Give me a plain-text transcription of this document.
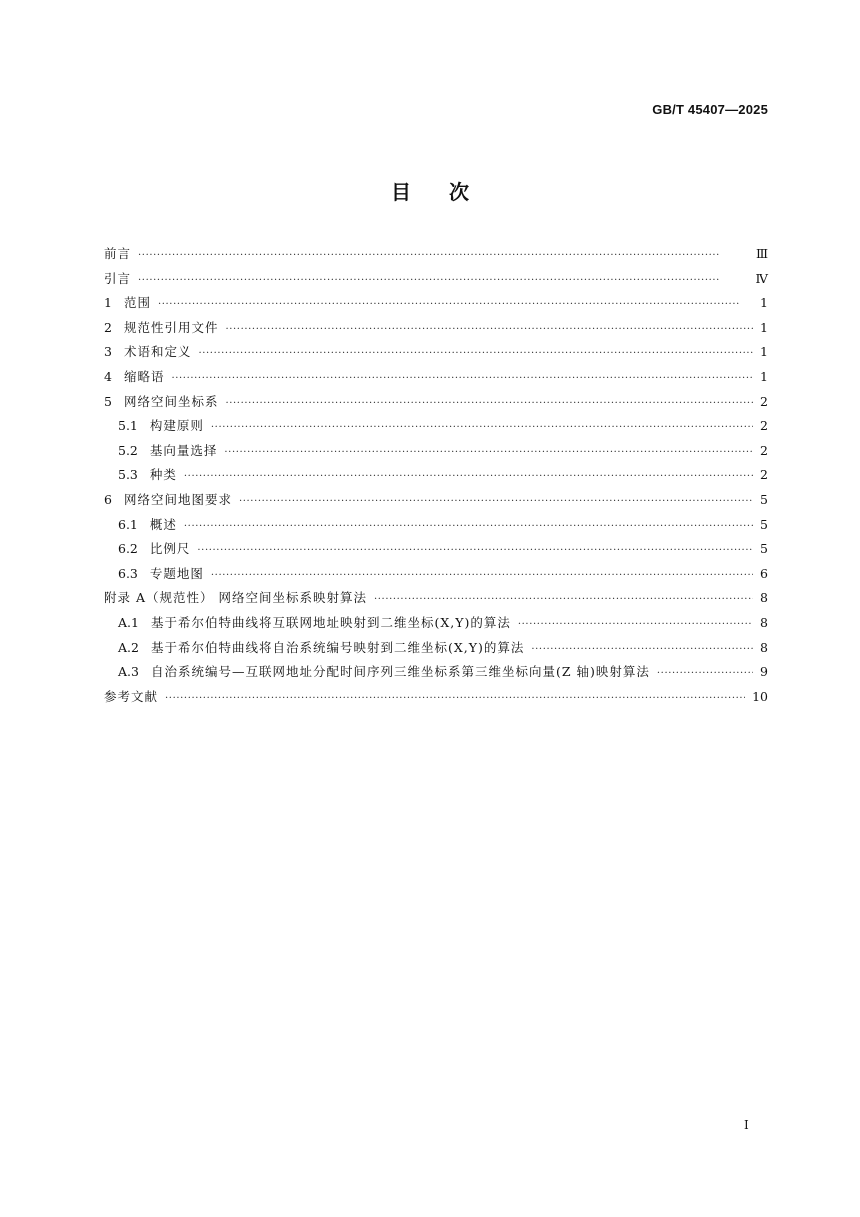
GB/T 45407—2025
目次
前言 ·····	Ⅲ
引言 ·····	Ⅳ
1 范围 ·····	1
2 规范性引用文件 ·····	1
3 术语和定义 ·····	1
4 缩略语 ·····	1
5 网络空间坐标系 ·····	2
5.1 构建原则 ·····	2
5.2 基向量选择 ·····	2
5.3 种类 ·····	2
6 网络空间地图要求 ·····	5
6.1 概述 ·····	5
6.2 比例尺 ·····	5
6.3 专题地图 ·····	6
附录 A（规范性） 网络空间坐标系映射算法 ·····	8
A.1 基于希尔伯特曲线将互联网地址映射到二维坐标(X,Y)的算法 ·····	8
A.2 基于希尔伯特曲线将自治系统编号映射到二维坐标(X,Y)的算法 ·····	8
A.3 自治系统编号—互联网地址分配时间序列三维坐标系第三维坐标向量(Z 轴)映射算法 ·····	9
参考文献 ·····	10
I
